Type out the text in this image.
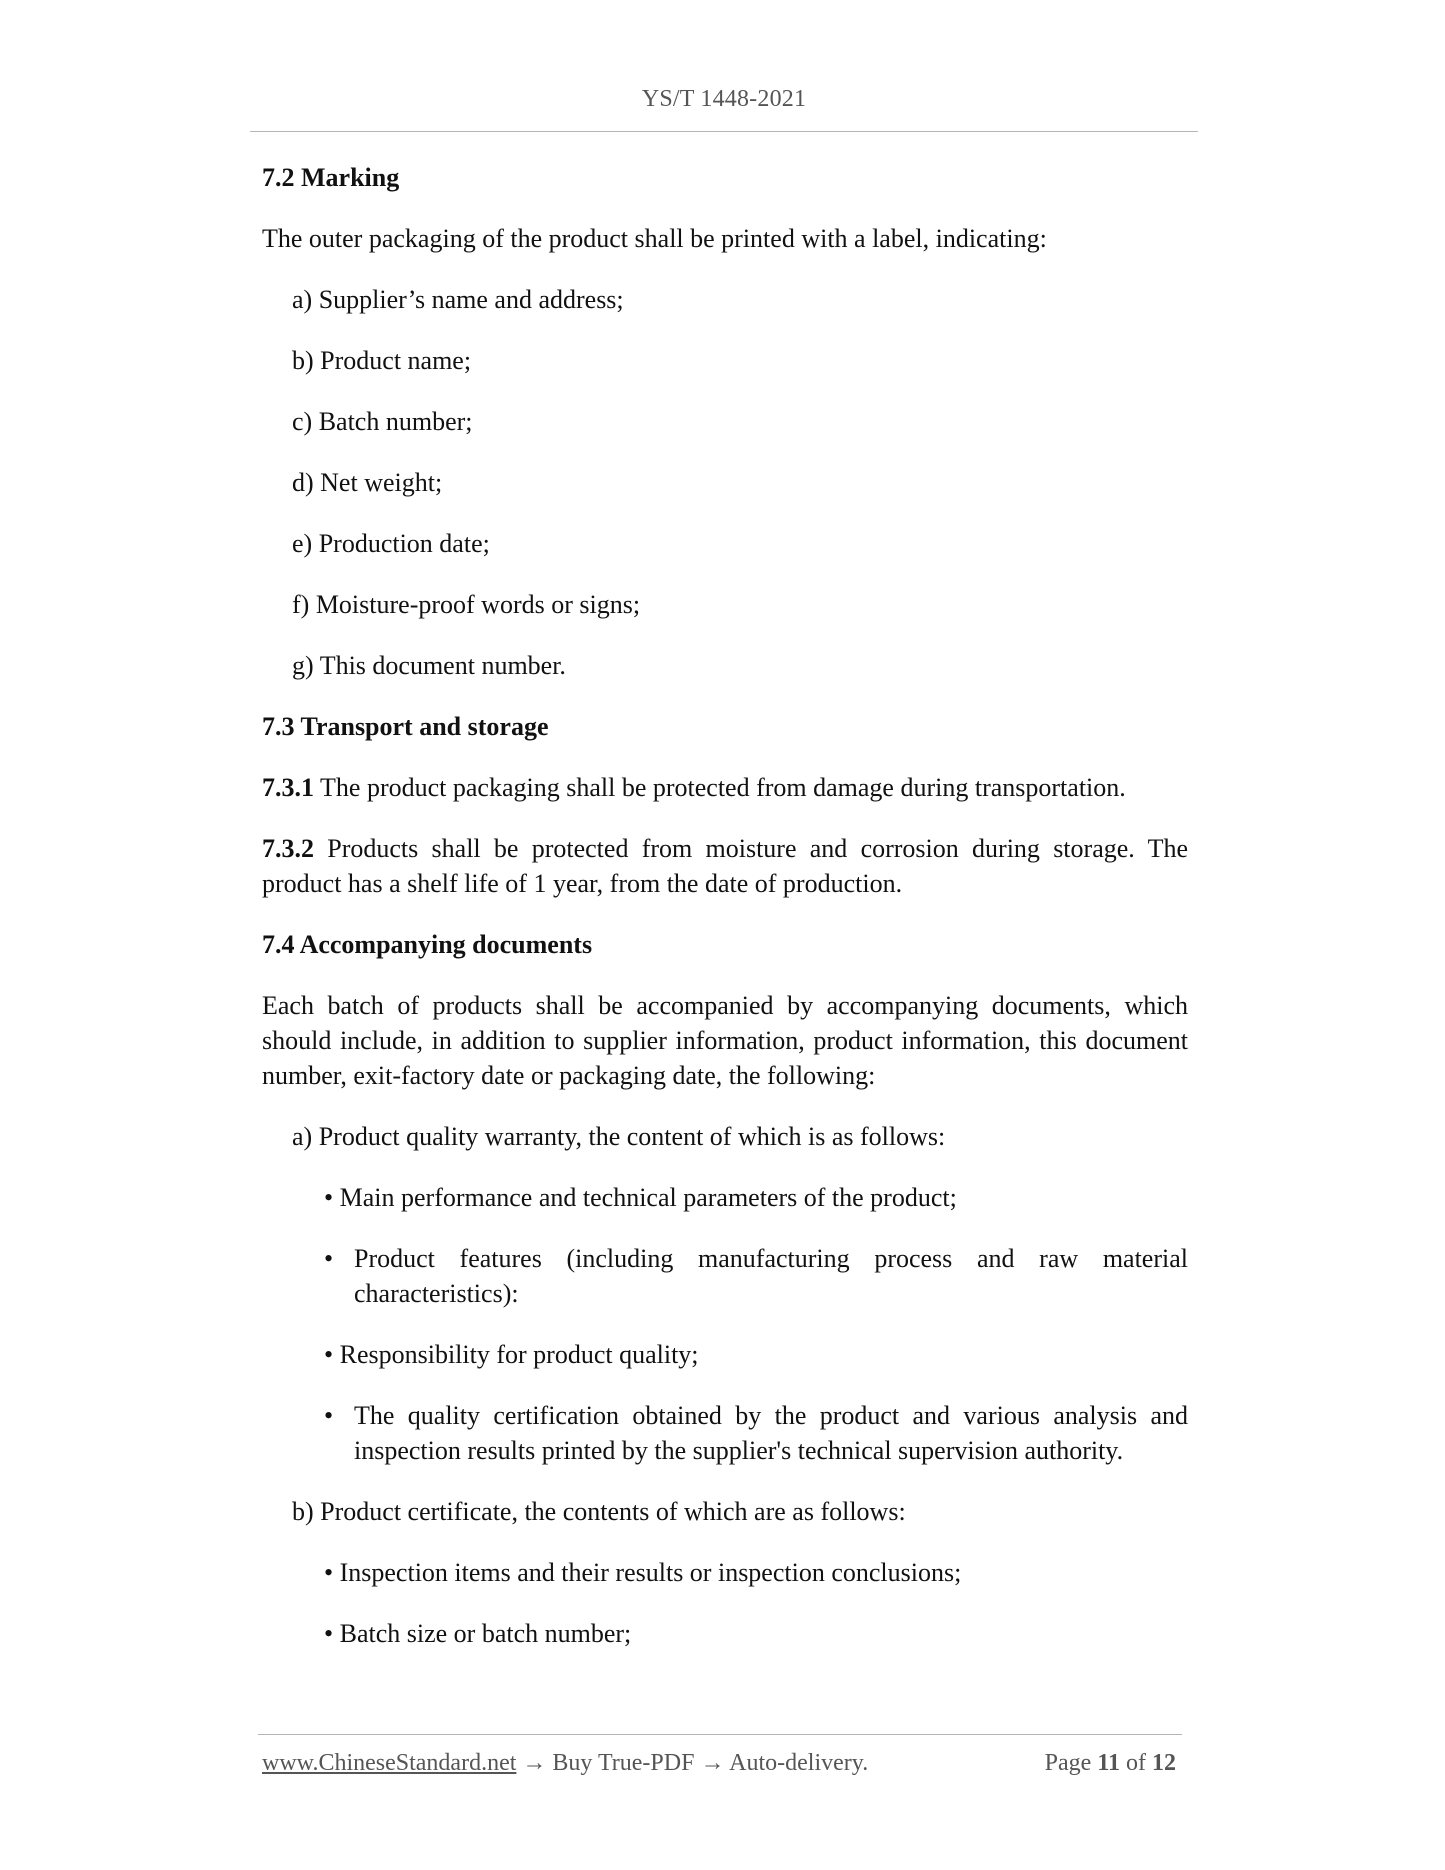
YS/T 1448-2021

7.2 Marking

The outer packaging of the product shall be printed with a label, indicating:

a) Supplier’s name and address;

b) Product name;

c) Batch number;

d) Net weight;

e) Production date;

f) Moisture-proof words or signs;

g) This document number.

7.3 Transport and storage

7.3.1 The product packaging shall be protected from damage during transportation.

7.3.2 Products shall be protected from moisture and corrosion during storage. The product has a shelf life of 1 year, from the date of production.

7.4 Accompanying documents

Each batch of products shall be accompanied by accompanying documents, which should include, in addition to supplier information, product information, this document number, exit-factory date or packaging date, the following:

a) Product quality warranty, the content of which is as follows:

• Main performance and technical parameters of the product;

• Product features (including manufacturing process and raw material characteristics):

• Responsibility for product quality;

• The quality certification obtained by the product and various analysis and inspection results printed by the supplier's technical supervision authority.

b) Product certificate, the contents of which are as follows:

• Inspection items and their results or inspection conclusions;

• Batch size or batch number;

www.ChineseStandard.net → Buy True-PDF → Auto-delivery.	Page 11 of 12
